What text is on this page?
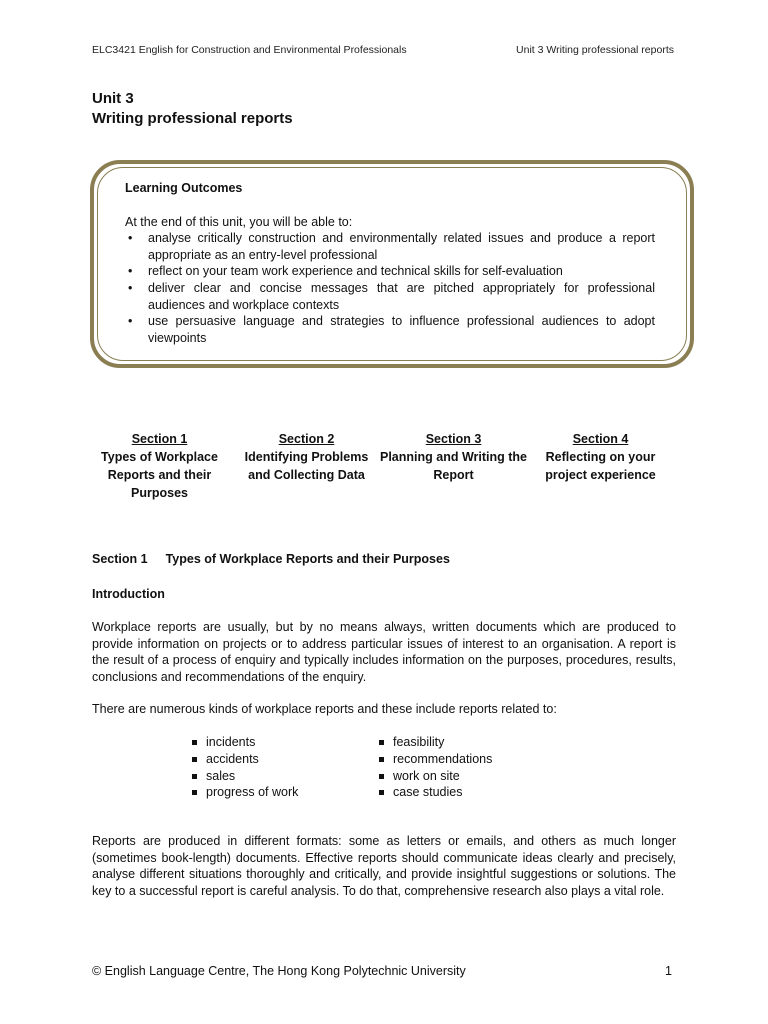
ELC3421 English for Construction and Environmental Professionals	Unit 3 Writing professional reports
Unit 3
Writing professional reports
Learning Outcomes
At the end of this unit, you will be able to:
• analyse critically construction and environmentally related issues and produce a report appropriate as an entry-level professional
• reflect on your team work experience and technical skills for self-evaluation
• deliver clear and concise messages that are pitched appropriately for professional audiences and workplace contexts
• use persuasive language and strategies to influence professional audiences to adopt viewpoints
Section 1
Types of Workplace Reports and their Purposes
Section 2
Identifying Problems and Collecting Data
Section 3
Planning and Writing the Report
Section 4
Reflecting on your project experience
Section 1 Types of Workplace Reports and their Purposes
Introduction
Workplace reports are usually, but by no means always, written documents which are produced to provide information on projects or to address particular issues of interest to an organisation. A report is the result of a process of enquiry and typically includes information on the purposes, procedures, results, conclusions and recommendations of the enquiry.
There are numerous kinds of workplace reports and these include reports related to:
incidents
accidents
sales
progress of work
feasibility
recommendations
work on site
case studies
Reports are produced in different formats: some as letters or emails, and others as much longer (sometimes book-length) documents. Effective reports should communicate ideas clearly and precisely, analyse different situations thoroughly and critically, and provide insightful suggestions or solutions. The key to a successful report is careful analysis. To do that, comprehensive research also plays a vital role.
© English Language Centre, The Hong Kong Polytechnic University	1
